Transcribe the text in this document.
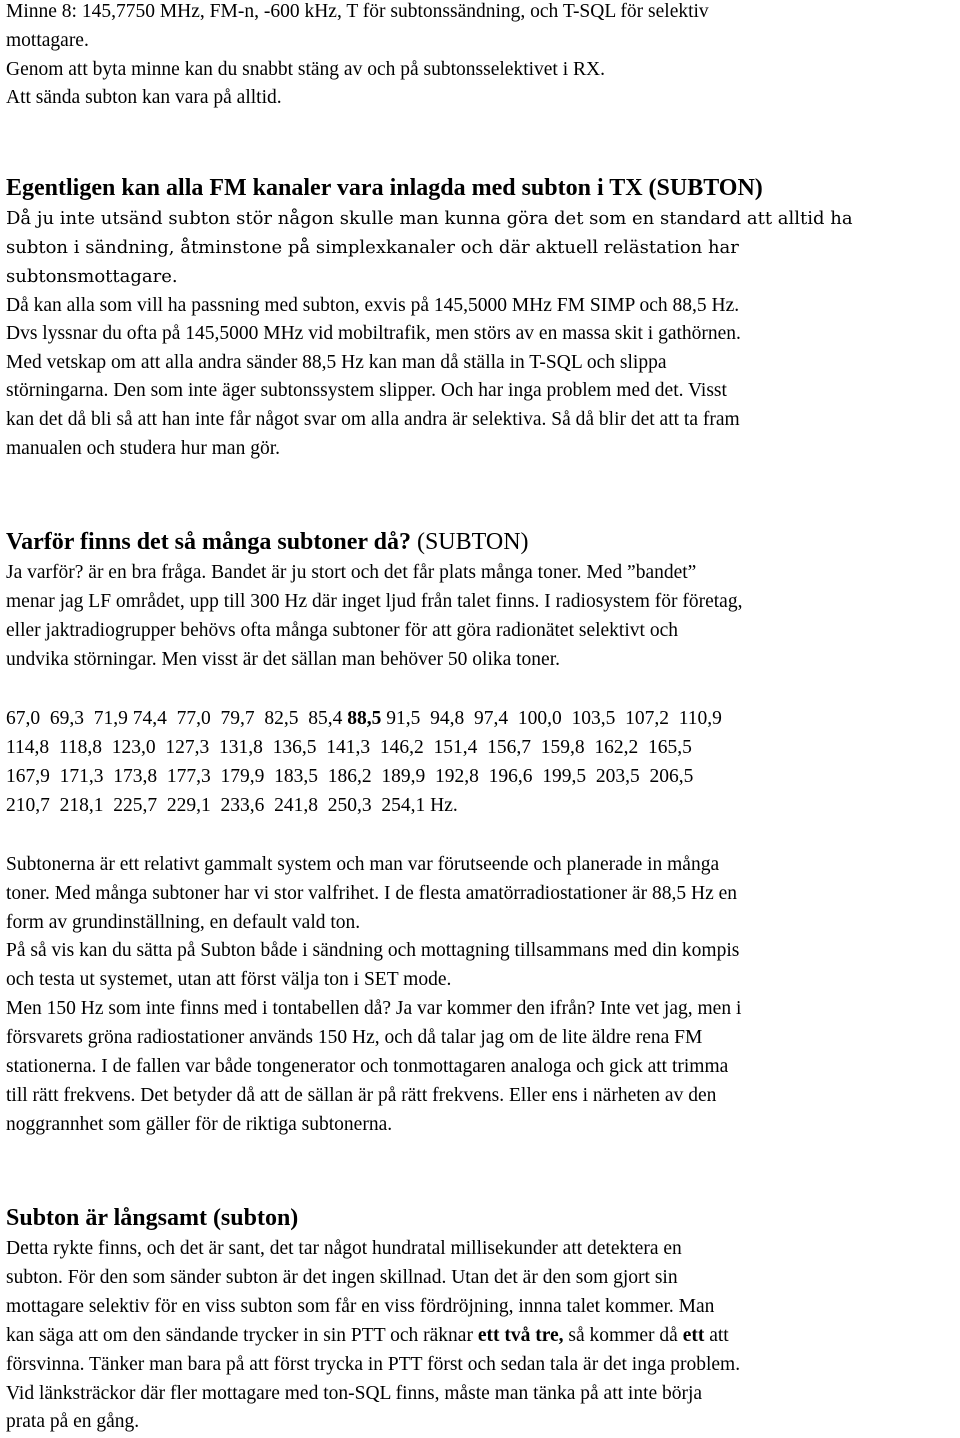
Minne 8: 145,7750 MHz, FM-n, -600 kHz, T för subtonssändning, och T-SQL för selektiv
mottagare.
Genom att byta minne kan du snabbt stäng av och på subtonsselektivet i RX.
Att sända subton kan vara på alltid.
Egentligen kan alla FM kanaler vara inlagda med subton i TX (SUBTON)
Då ju inte utsänd subton stör någon skulle man kunna göra det som en standard att alltid ha
subton i sändning, åtminstone på simplexkanaler och där aktuell relästation har
subtonsmottagare.
Då kan alla som vill ha passning med subton, exvis på 145,5000 MHz FM SIMP och 88,5 Hz.
Dvs lyssnar du ofta på 145,5000 MHz vid mobiltrafik, men störs av en massa skit i gathörnen.
Med vetskap om att alla andra sänder 88,5 Hz kan man då ställa in T-SQL och slippa
störningarna. Den som inte äger subtonssystem slipper. Och har inga problem med det. Visst
kan det då bli så att han inte får något svar om alla andra är selektiva. Så då blir det att ta fram
manualen och studera hur man gör.
Varför finns det så många subtoner då? (SUBTON)
Ja varför? är en bra fråga. Bandet är ju stort och det får plats många toner. Med ”bandet”
menar jag LF området, upp till 300 Hz där inget ljud från talet finns. I radiosystem för företag,
eller jaktradiogrupper behövs ofta många subtoner för att göra radionätet selektivt och
undvika störningar. Men visst är det sällan man behöver 50 olika toner.
67,0  69,3  71,9 74,4  77,0  79,7  82,5  85,4 88,5 91,5  94,8  97,4  100,0  103,5  107,2  110,9
114,8  118,8  123,0  127,3  131,8  136,5  141,3  146,2  151,4  156,7  159,8  162,2  165,5
167,9  171,3  173,8  177,3  179,9  183,5  186,2  189,9  192,8  196,6  199,5  203,5  206,5
210,7  218,1  225,7  229,1  233,6  241,8  250,3  254,1 Hz.
Subtonerna är ett relativt gammalt system och man var förutseende och planerade in många
toner. Med många subtoner har vi stor valfrihet. I de flesta amatörradiostationer är 88,5 Hz en
form av grundinställning, en default vald ton.
På så vis kan du sätta på Subton både i sändning och mottagning tillsammans med din kompis
och testa ut systemet, utan att först välja ton i SET mode.
Men 150 Hz som inte finns med i tontabellen då? Ja var kommer den ifrån? Inte vet jag, men i
försvarets gröna radiostationer används 150 Hz, och då talar jag om de lite äldre rena FM
stationerna. I de fallen var både tongenerator och tonmottagaren analoga och gick att trimma
till rätt frekvens. Det betyder då att de sällan är på rätt frekvens. Eller ens i närheten av den
noggrannhet som gäller för de riktiga subtonerna.
Subton är långsamt (subton)
Detta rykte finns, och det är sant, det tar något hundratal millisekunder att detektera en
subton. För den som sänder subton är det ingen skillnad. Utan det är den som gjort sin
mottagare selektiv för en viss subton som får en viss fördröjning, innna talet kommer. Man
kan säga att om den sändande trycker in sin PTT och räknar ett två tre, så kommer då ett att
försvinna. Tänker man bara på att först trycka in PTT först och sedan tala är det inga problem.
Vid länksträckor där fler mottagare med ton-SQL finns, måste man tänka på att inte börja
prata på en gång.
